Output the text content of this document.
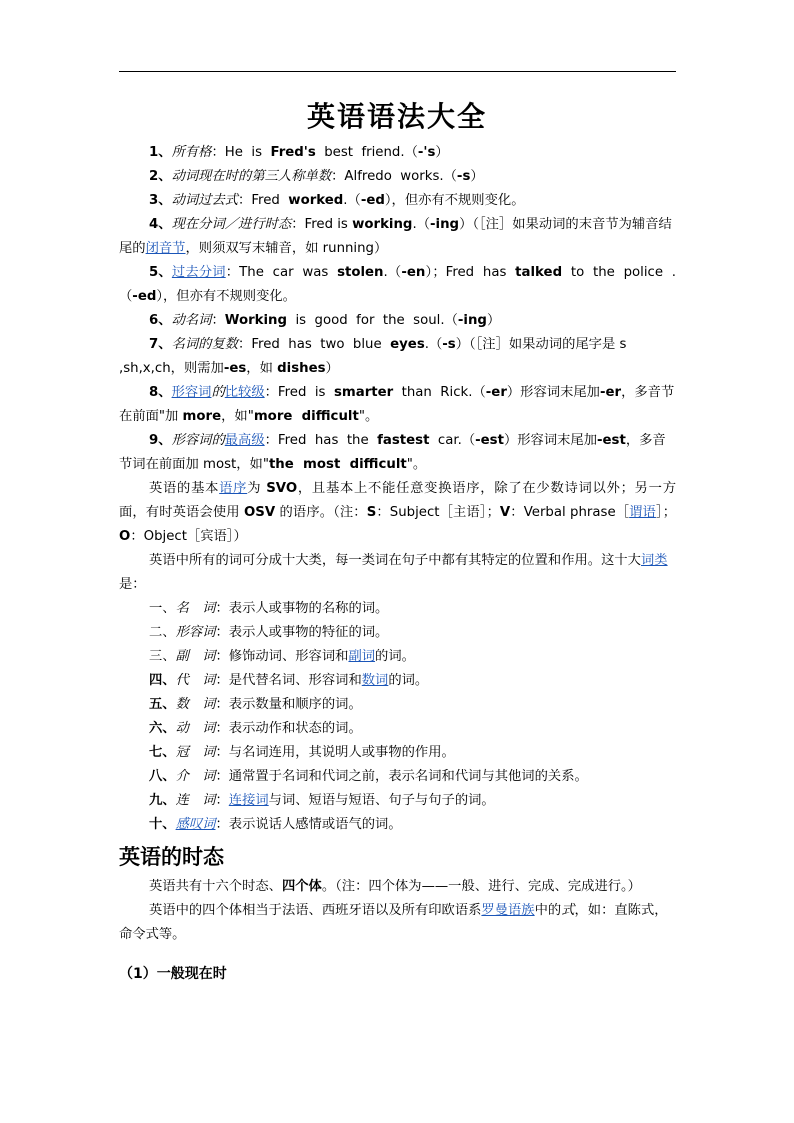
英语语法大全

1、所有格：He  is  Fred's  best  friend.（-'s）

2、动词现在时的第三人称单数：Alfredo  works.（-s）

3、动词过去式：Fred  worked.（-ed），但亦有不规则变化。

4、现在分词／进行时态：Fred is working.（-ing）（［注］如果动词的末音节为辅音结尾的闭音节，则须双写末辅音，如 running）

5、过去分词：The  car  was  stolen.（-en）；Fred  has  talked  to  the  police  .（-ed），但亦有不规则变化。

6、动名词：Working  is  good  for  the  soul.（-ing）

7、名词的复数：Fred  has  two  blue  eyes.（-s）（［注］如果动词的尾字是 s ,sh,x,ch，则需加-es，如 dishes）

8、形容词的比较级：Fred  is  smarter  than  Rick.（-er）形容词末尾加-er，多音节在前面"加 more，如"more  difficult"。

9、形容词的最高级：Fred  has  the  fastest  car.（-est）形容词末尾加-est，多音节词在前面加 most，如"the  most  difficult"。

英语的基本语序为 SVO，且基本上不能任意变换语序，除了在少数诗词以外；另一方面，有时英语会使用 OSV 的语序。（注：S：Subject［主语］；V：Verbal phrase［谓语］；O：Object［宾语］）

英语中所有的词可分成十大类，每一类词在句子中都有其特定的位置和作用。这十大词类是：

一、名　词：表示人或事物的名称的词。

二、形容词：表示人或事物的特征的词。

三、副　词：修饰动词、形容词和副词的词。

四、代　词：是代替名词、形容词和数词的词。

五、数　词：表示数量和顺序的词。

六、动　词：表示动作和状态的词。

七、冠　词：与名词连用，其说明人或事物的作用。

八、介　词：通常置于名词和代词之前，表示名词和代词与其他词的关系。

九、连　词：连接词与词、短语与短语、句子与句子的词。

十、感叹词：表示说话人感情或语气的词。

英语的时态

英语共有十六个时态、四个体。（注：四个体为——一般、进行、完成、完成进行。）

英语中的四个体相当于法语、西班牙语以及所有印欧语系罗曼语族中的式，如：直陈式，命令式等。

（1）一般现在时
